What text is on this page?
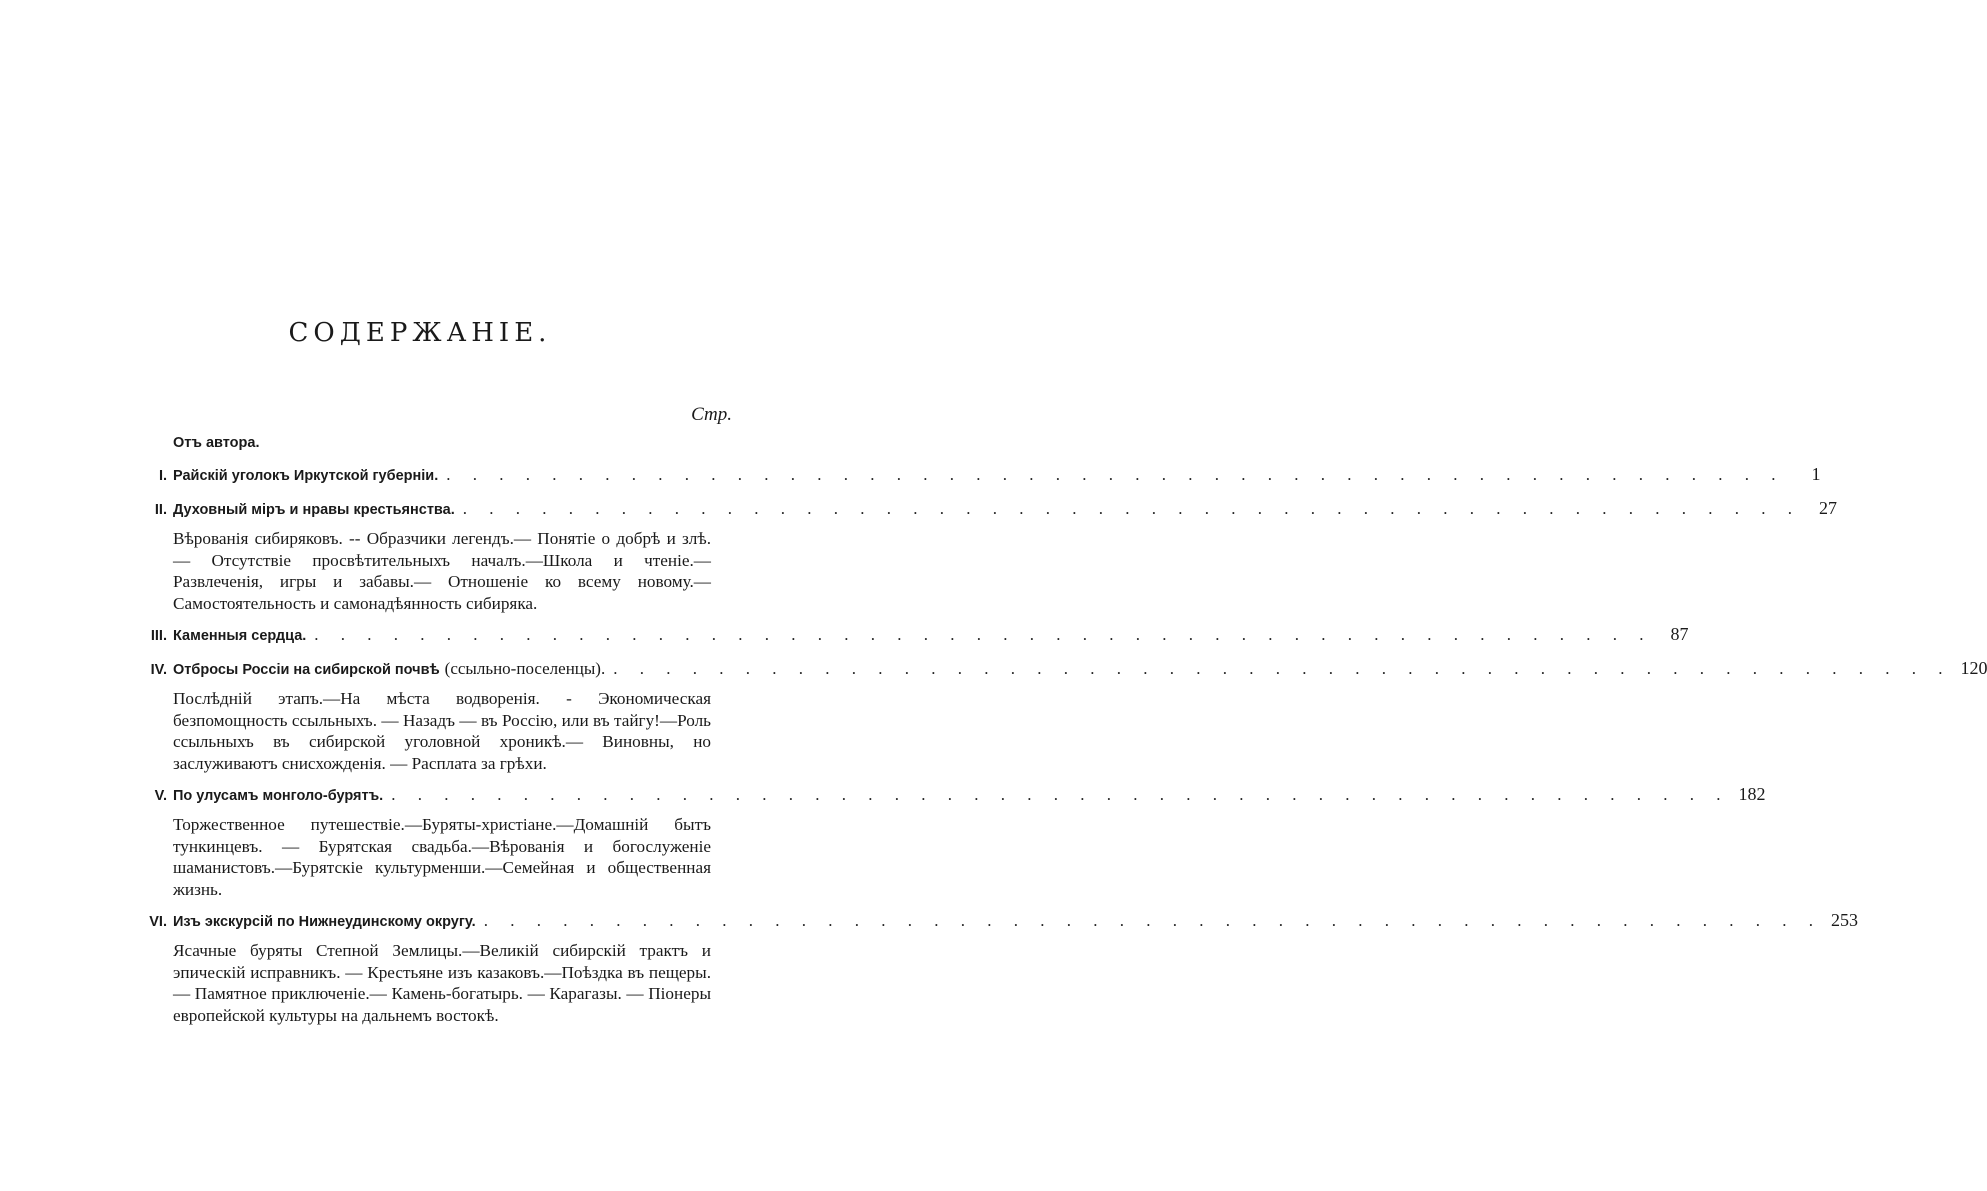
СОДЕРЖАНІЕ.
Стр.
Отъ автора.
I. Райскій уголокъ Иркутской губерніи. . . . . . . . . . . . . . . . . . . . . . . . . . . . . . . . . . . . . . . . . . . . . . . . . . . .	1
II. Духовный міръ и нравы крестьянства. . . . . . . . . . . . . . . . . . . . . . . . . . . . . . . . . . . . . . . . . . . . . . . . . . . .	27
Вѣрованія сибиряковъ. -- Образчики легендъ.— Понятіе о добрѣ и злѣ. — Отсутствіе просвѣтительныхъ началъ.—Школа и чтеніе.—Развлеченія, игры и забавы.— Отношеніе ко всему новому.— Самостоятельность и самонадѣянность сибиряка.
III. Каменныя сердца. . . . . . . . . . . . . . . . . . . . . . . . . . . . . . . . . . . . . . . . . . . . . . . . . . . .	87
IV. Отбросы Россіи на сибирской почвѣ (ссыльно-поселенцы). . . . . . . . . . . . . . . . . . . . . . . . . . . . . . . . . . . . . . . . . . . . . . . . . . . . 120
Послѣдній этапъ.—На мѣста водворенія. - Экономическая безпомощность ссыльныхъ. — Назадъ — въ Россію, или въ тайгу!—Роль ссыльныхъ въ сибирской уголовной хроникѣ.— Виновны, но заслуживаютъ снисхожденія. — Расплата за грѣхи.
V. По улусамъ монголо-бурятъ. . . . . . . . . . . . . . . . . . . . . . . . . . . . . . . . . . . . . . . . . . . . . . . . . . . . 182
Торжественное путешествіе.—Буряты-христіане.—Домашній бытъ тункинцевъ. — Бурятская свадьба.—Вѣрованія и богослуженіе шаманистовъ.—Бурятскіе культурменши.—Семейная и общественная жизнь.
VI. Изъ экскурсій по Нижнеудинскому округу. . . . . . . . . . . . . . . . . . . . . . . . . . . . . . . . . . . . . . . . . . . . . . . . . . . . 253
Ясачные буряты Степной Землицы.—Великій сибирскій трактъ и эпическій исправникъ. — Крестьяне изъ казаковъ.—Поѣздка въ пещеры. — Памятное приключеніе.— Камень-богатырь. — Карагазы. — Піонеры европейской культуры на дальнемъ востокѣ.
